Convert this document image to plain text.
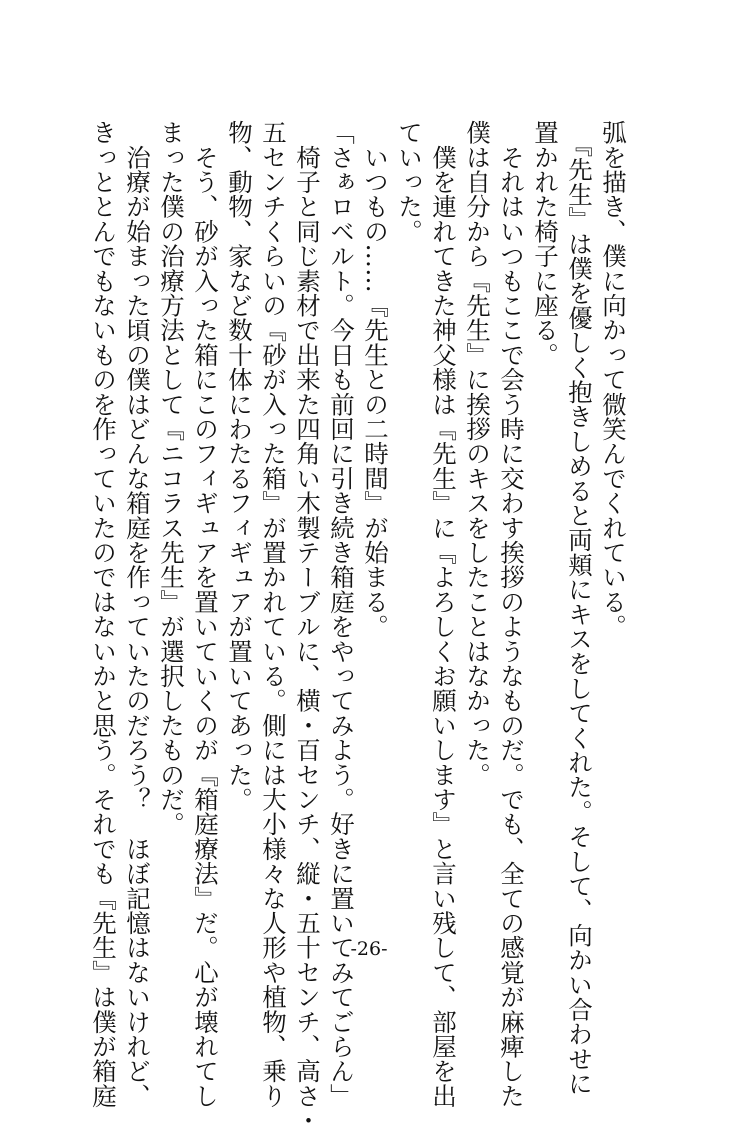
弧を描き、僕に向かって微笑んでくれている。
　『先生』は僕を優しく抱きしめると両頬にキスをしてくれた。そして、向かい合わせに
置かれた椅子に座る。
　それはいつもここで会う時に交わす挨拶のようなものだ。でも、全ての感覚が麻痺した
僕は自分から『先生』に挨拶のキスをしたことはなかった。
　僕を連れてきた神父様は『先生』に『よろしくお願いします』と言い残して、部屋を出
ていった。
　いつもの……『先生との二時間』が始まる。
「さぁロベルト。今日も前回に引き続き箱庭をやってみよう。好きに置いてみてごらん」
　椅子と同じ素材で出来た四角い木製テーブルに、横・百センチ、縦・五十センチ、高さ・
五センチくらいの『砂が入った箱』が置かれている。側には大小様々な人形や植物、乗り
物、動物、家など数十体にわたるフィギュアが置いてあった。
　そう、砂が入った箱にこのフィギュアを置いていくのが『箱庭療法』だ。心が壊れてし
まった僕の治療方法として『ニコラス先生』が選択したものだ。
　治療が始まった頃の僕はどんな箱庭を作っていたのだろう？　ほぼ記憶はないけれど、
きっととんでもないものを作っていたのではないかと思う。それでも『先生』は僕が箱庭	-26-
